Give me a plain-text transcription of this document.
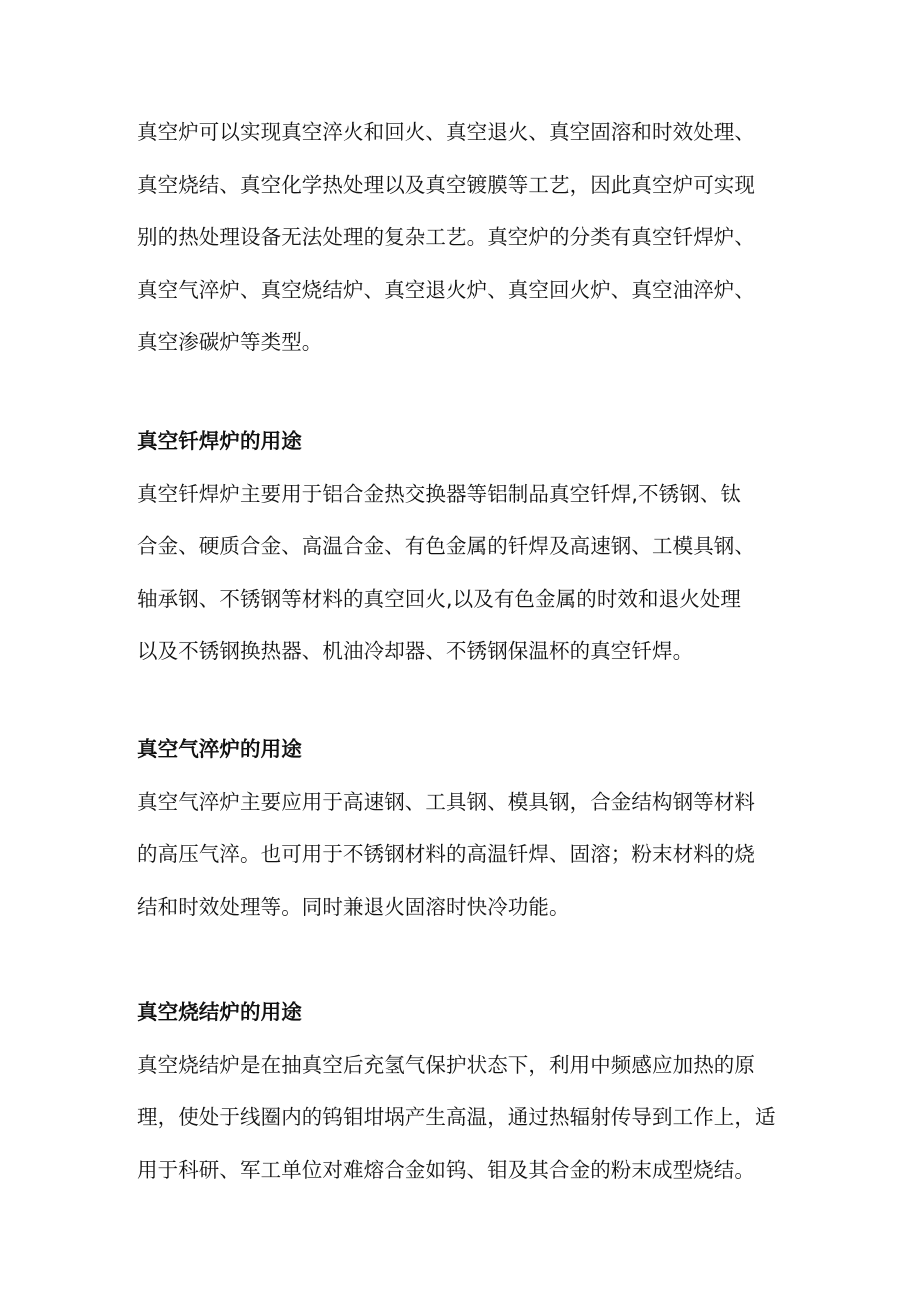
真空炉可以实现真空淬火和回火、真空退火、真空固溶和时效处理、
真空烧结、真空化学热处理以及真空镀膜等工艺，因此真空炉可实现
别的热处理设备无法处理的复杂工艺。真空炉的分类有真空钎焊炉、
真空气淬炉、真空烧结炉、真空退火炉、真空回火炉、真空油淬炉、
真空渗碳炉等类型。
真空钎焊炉的用途
真空钎焊炉主要用于铝合金热交换器等铝制品真空钎焊,不锈钢、钛
合金、硬质合金、高温合金、有色金属的钎焊及高速钢、工模具钢、
轴承钢、不锈钢等材料的真空回火,以及有色金属的时效和退火处理
以及不锈钢换热器、机油冷却器、不锈钢保温杯的真空钎焊。
真空气淬炉的用途
真空气淬炉主要应用于高速钢、工具钢、模具钢，合金结构钢等材料
的高压气淬。也可用于不锈钢材料的高温钎焊、固溶；粉末材料的烧
结和时效处理等。同时兼退火固溶时快冷功能。
真空烧结炉的用途
真空烧结炉是在抽真空后充氢气保护状态下，利用中频感应加热的原
理，使处于线圈内的钨钼坩埚产生高温，通过热辐射传导到工作上，适
用于科研、军工单位对难熔合金如钨、钼及其合金的粉末成型烧结。
